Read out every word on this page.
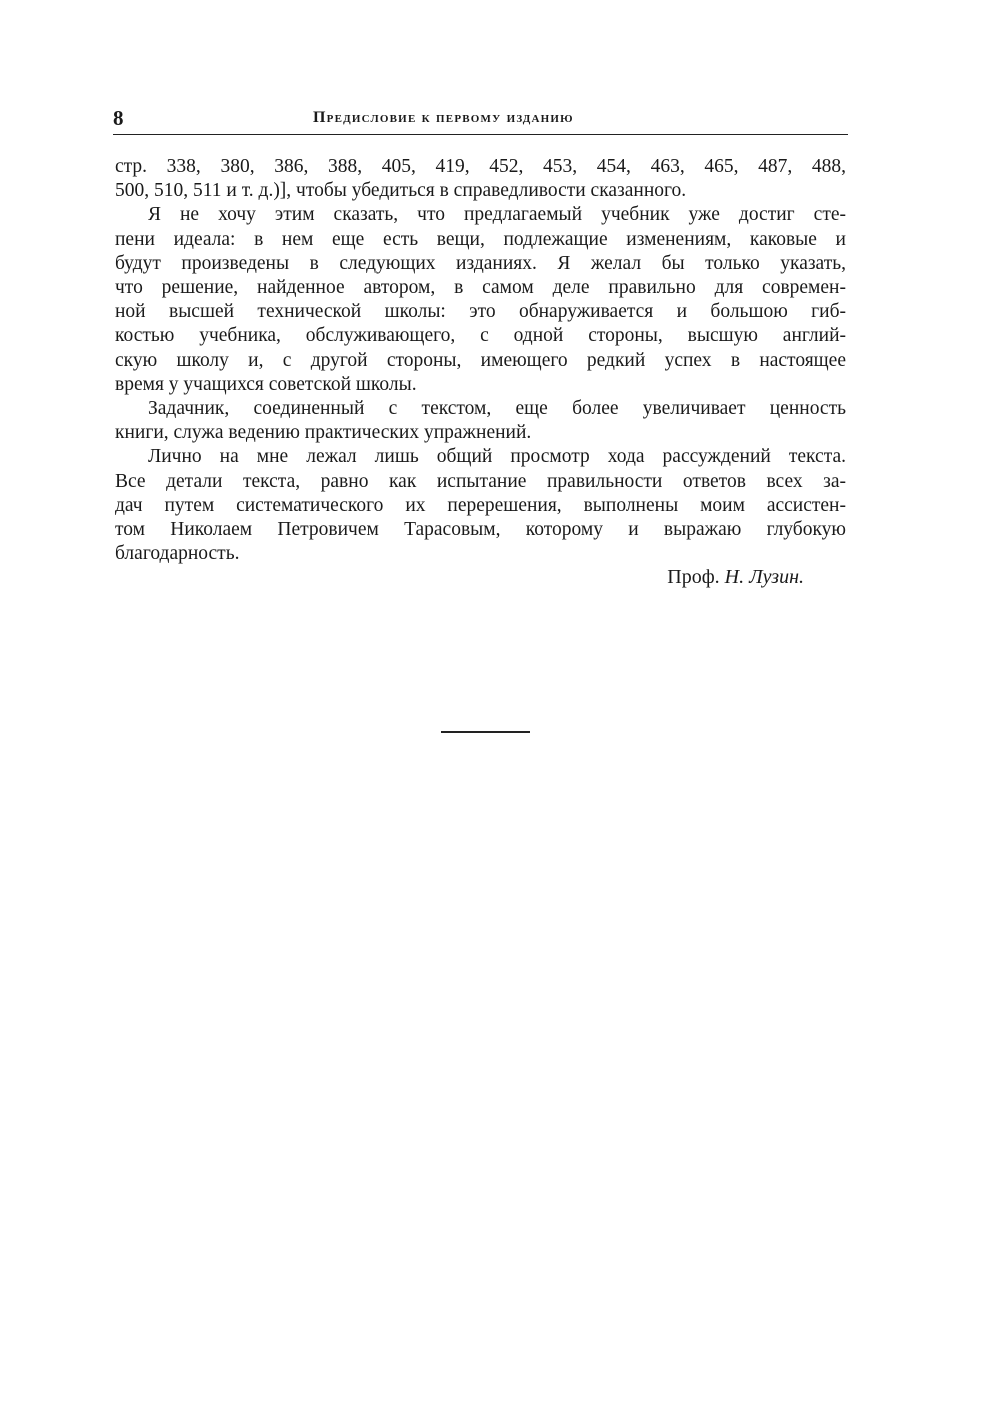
8	Предисловие к первому изданию
стр. 338, 380, 386, 388, 405, 419, 452, 453, 454, 463, 465, 487, 488,
500, 510, 511 и т. д.)], чтобы убедиться в справедливости сказанного.
Я не хочу этим сказать, что предлагаемый учебник уже достиг сте-
пени идеала: в нем еще есть вещи, подлежащие изменениям, каковые и
будут произведены в следующих изданиях. Я желал бы только указать,
что решение, найденное автором, в самом деле правильно для современ-
ной высшей технической школы: это обнаруживается и большою гиб-
костью учебника, обслуживающего, с одной стороны, высшую англий-
скую школу и, с другой стороны, имеющего редкий успех в настоящее
время у учащихся советской школы.
Задачник, соединенный с текстом, еще более увеличивает ценность
книги, служа ведению практических упражнений.
Лично на мне лежал лишь общий просмотр хода рассуждений текста.
Все детали текста, равно как испытание правильности ответов всех за-
дач путем систематического их перерешения, выполнены моим ассистен-
том Николаем Петровичем Тарасовым, которому и выражаю глубокую
благодарность.
Проф. Н. Лузин.
